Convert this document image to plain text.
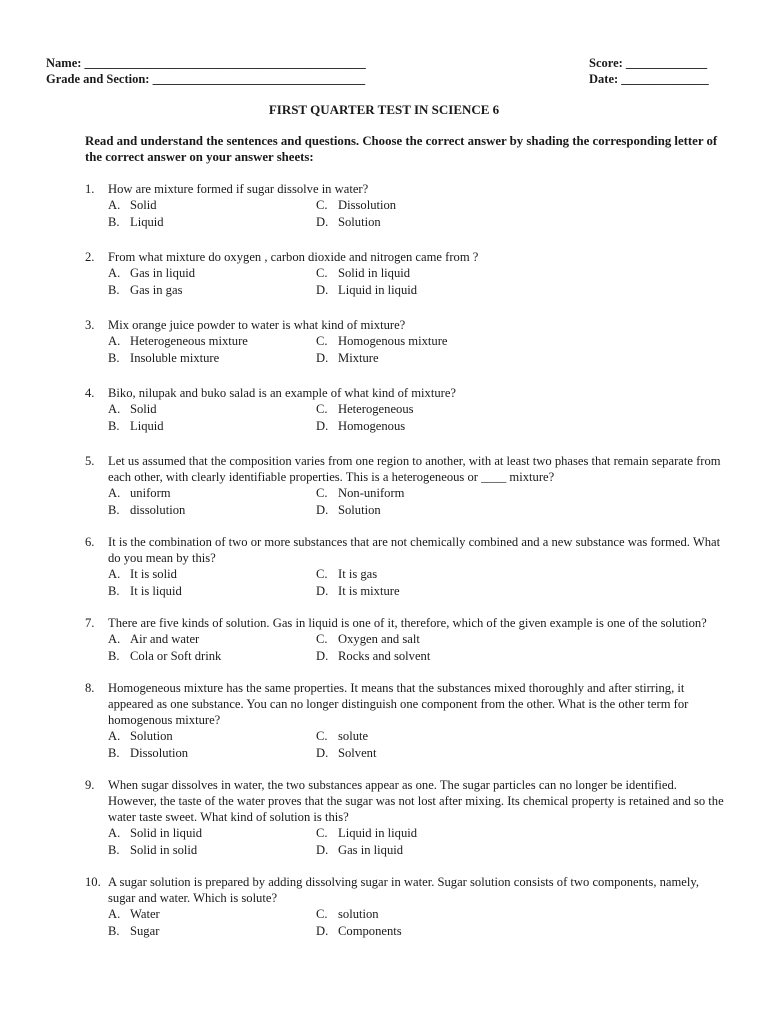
Name: _____________________________________________	Score: _____________
Grade and Section: __________________________________	Date: ______________
FIRST QUARTER TEST IN SCIENCE 6
Read and understand the sentences and questions. Choose the correct answer by shading the corresponding letter of the correct answer on your answer sheets:
1. How are mixture formed if sugar dissolve in water?
A. Solid	C. Dissolution
B. Liquid	D. Solution
2. From what mixture do oxygen , carbon dioxide and nitrogen came from ?
A. Gas in liquid	C. Solid in liquid
B. Gas in gas	D. Liquid in liquid
3. Mix orange juice powder to water is what kind of mixture?
A. Heterogeneous mixture	C. Homogenous mixture
B. Insoluble mixture	D. Mixture
4. Biko, nilupak and buko salad is an example of what kind of mixture?
A. Solid	C. Heterogeneous
B. Liquid	D. Homogenous
5. Let us assumed that the composition varies from one region to another, with at least two phases that remain separate from each other, with clearly identifiable properties. This is a heterogeneous or ____ mixture?
A. uniform	C. Non-uniform
B. dissolution	D. Solution
6. It is the combination of two or more substances that are not chemically combined and a new substance was formed. What do you mean by this?
A. It is solid	C. It is gas
B. It is liquid	D. It is mixture
7. There are five kinds of solution. Gas in liquid is one of it, therefore, which of the given example is one of the solution?
A. Air and water	C. Oxygen and salt
B. Cola or Soft drink	D. Rocks and solvent
8. Homogeneous mixture has the same properties. It means that the substances mixed thoroughly and after stirring, it appeared as one substance. You can no longer distinguish one component from the other. What is the other term for homogenous mixture?
A. Solution	C. solute
B. Dissolution	D. Solvent
9. When sugar dissolves in water, the two substances appear as one. The sugar particles can no longer be identified. However, the taste of the water proves that the sugar was not lost after mixing. Its chemical property is retained and so the water taste sweet. What kind of solution is this?
A. Solid in liquid	C. Liquid in liquid
B. Solid in solid	D. Gas in liquid
10. A sugar solution is prepared by adding dissolving sugar in water. Sugar solution consists of two components, namely, sugar and water. Which is solute?
A. Water	C. solution
B. Sugar	D. Components
